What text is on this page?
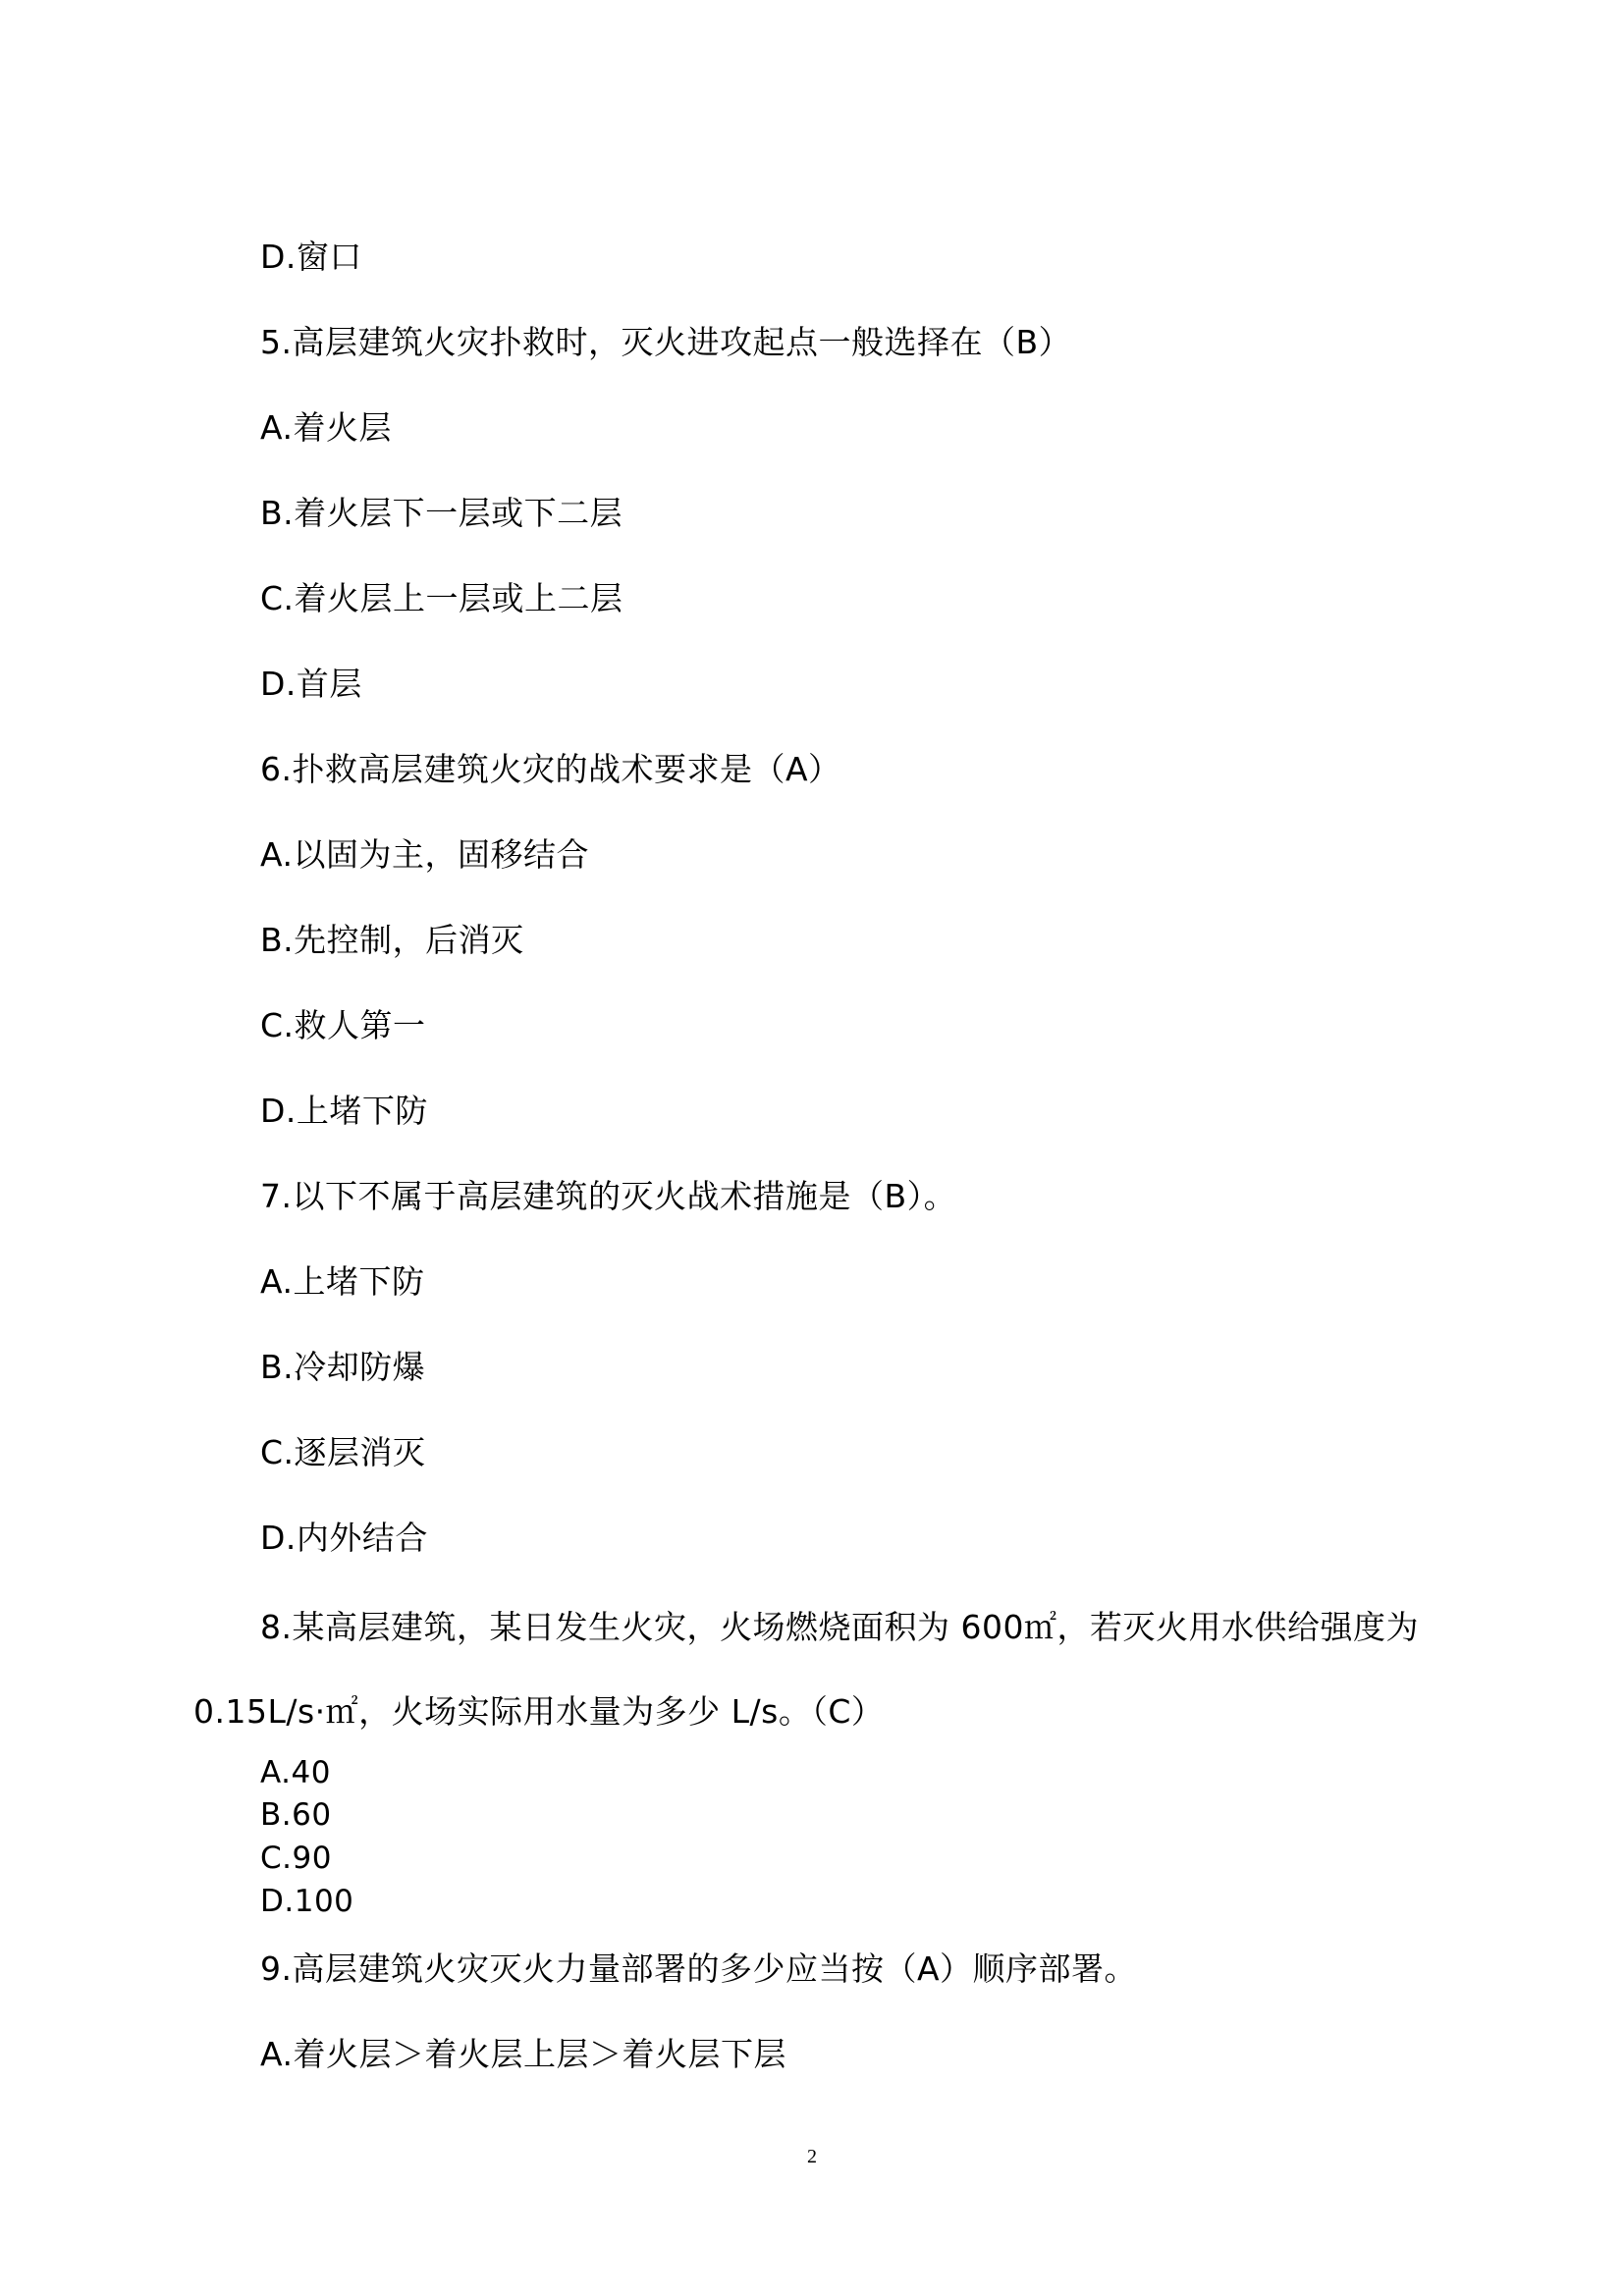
D.窗口
5.高层建筑火灾扑救时，灭火进攻起点一般选择在（B）
A.着火层
B.着火层下一层或下二层
C.着火层上一层或上二层
D.首层
6.扑救高层建筑火灾的战术要求是（A）
A.以固为主，固移结合
B.先控制，后消灭
C.救人第一
D.上堵下防
7.以下不属于高层建筑的灭火战术措施是（B）。
A.上堵下防
B.冷却防爆
C.逐层消灭
D.内外结合
8.某高层建筑，某日发生火灾，火场燃烧面积为 600㎡，若灭火用水供给强度为
0.15L/s·㎡，火场实际用水量为多少 L/s。（C）
A.40
B.60
C.90
D.100
9.高层建筑火灾灭火力量部署的多少应当按（A）顺序部署。
A.着火层＞着火层上层＞着火层下层
2
